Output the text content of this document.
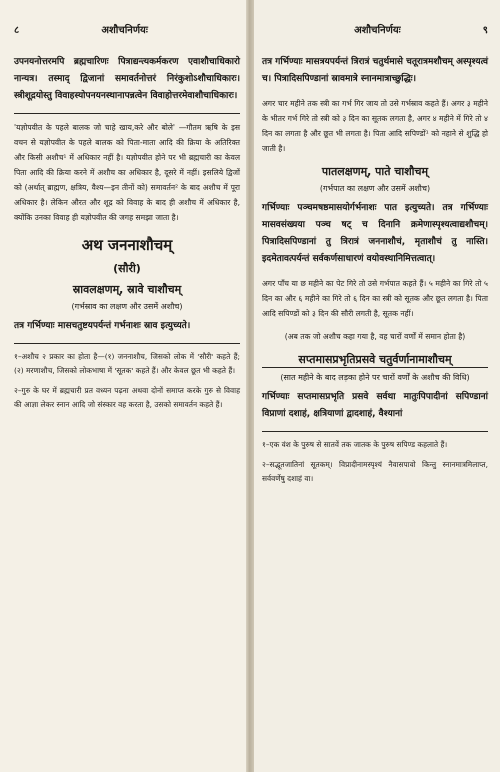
८	अशौचनिर्णयः

उपनयनोत्तरमपि ब्रह्मचारिणः पित्राद्यन्त्यकर्मकरण एवाशौचाधिकारो नान्यत्र। तस्माद् द्विजानां समावर्तनोत्तरं निरंकुशोऽशौचाधिकारः। स्त्रीशूद्रयोस्तु विवाहस्योपनयनस्थानापन्नत्वेन विवाहोत्तरमेवाशौचाधिकारः।

'यज्ञोपवीत के पहले बालक जो चाहे खाय,करे और बोले' —गौतम ऋषि के इस वचन से यज्ञोपवीत के पहले बालक को पिता-माता आदि की क्रिया के अतिरिक्त और किसी अशौच¹ में अधिकार नहीं है। यज्ञोपवीत होने पर भी ब्रह्मचारी का केवल पिता आदि की क्रिया करने में अशौच का अधिकार है, दूसरे में नहीं। इसलिये द्विजों को (अर्थात् ब्राह्मण, क्षत्रिय, वैश्य—इन तीनों को) समावर्तन² के बाद अशौच में पूरा अधिकार है। लेकिन औरत और शूद्र को विवाह के बाद ही अशौच में अधिकार है, क्योंकि उनका विवाह ही यज्ञोपवीत की जगह समझा जाता है।

अथ जननाशौचम्
(सौरी)
स्रावलक्षणम्, स्रावे चाशौचम्
(गर्भस्राव का लक्षण और उसमें अशौच)

तत्र गर्भिण्याः मासचतुष्टयपर्यन्तं गर्भनाशः स्राव इत्युच्यते।

१–अशौच २ प्रकार का होता है—(१) जननाशौच, जिसको लोक में 'सौरी' कहते हैं; (२) मरणाशौच, जिसको लोकभाषा में 'सूतक' कहते हैं। और केवल छूत भी कहते हैं।

२–गुरु के घर में ब्रह्मचारी प्रत वध्यन पढ़ना अथवा दोनों समाप्त करके गुरु से विवाह की आज्ञा लेकर स्नान आदि जो संस्कार वह करता है, उसको समावर्तन कहते हैं।

अशौचनिर्णयः	९

तत्र गर्भिण्याः मासत्रयपर्यन्तं त्रिरात्रं चतुर्थमासे चतूरात्रमशौचम् अस्पृश्यत्वं च। पित्रादिसपिण्डानां स्रावमात्रे स्नानमात्राच्छुद्धिः।

अगर चार महीने तक स्त्री का गर्भ गिर जाय तो उसे गर्भस्राव कहते हैं। अगर ३ महीने के भीतर गर्भ गिरे तो स्त्री को ३ दिन का सूतक लगता है, अगर ४ महीने में गिरे तो ४ दिन का लगता है और छूत भी लगता है। पिता आदि सपिण्डों¹ को नहाने से शुद्धि हो जाती है।

पातलक्षणम्, पाते चाशौचम्
(गर्भपात का लक्षण और उसमें अशौच)

गर्भिण्याः पञ्चमषष्ठमासयोर्गर्भनाशः पात इत्युच्यते। तत्र गर्भिण्याः मासवसंख्यया पञ्च षट् च दिनानि क्रमेणास्पृश्यत्वाद्यशौचम्। पित्रादिसपिण्डानां तु त्रिरात्रं जननाशौचं, मृताशौचं तु नास्ति। इदमेतावत्पर्यन्तं सर्वकर्णसाधारणं वयोवस्थानिमित्तत्वात्।

अगर पाँच या छ महीने का पेट गिरे तो उसे गर्भपात कहते हैं। ५ महीने का गिरे तो ५ दिन का और ६ महीने का गिरे तो ६ दिन का स्त्री को सूतक और छूत लगता है। पिता आदि सपिण्डों को ३ दिन की सौरी लगती है, सूतक नहीं।

(अब तक जो अशौच कहा गया है, वह चारों वर्णों में समान होता है)

सप्तमासप्रभृतिप्रसवे चतुर्वर्णानामाशौचम्
(सात महीने के बाद लड़का होने पर चारों वर्णों के अशौच की विधि)

गर्भिण्याः सप्तमासप्रभृति प्रसवे सर्वथा मातुःपिपादीनां सपिण्डानां विप्राणां दशाहं, क्षत्रियाणां द्वादशाहं, वैश्यानां

१–एक वंश के पुरुष से सातवें तक जातक के पुरुष सपिण्ड कहलाते हैं।

२–सद्भूतजातिनां सूतकम्। विप्रादीनामस्पृश्यं नैवासपावो किन्तु स्नानमात्रमिलाप्त, सर्ववर्णेषु दशाहं वा।
